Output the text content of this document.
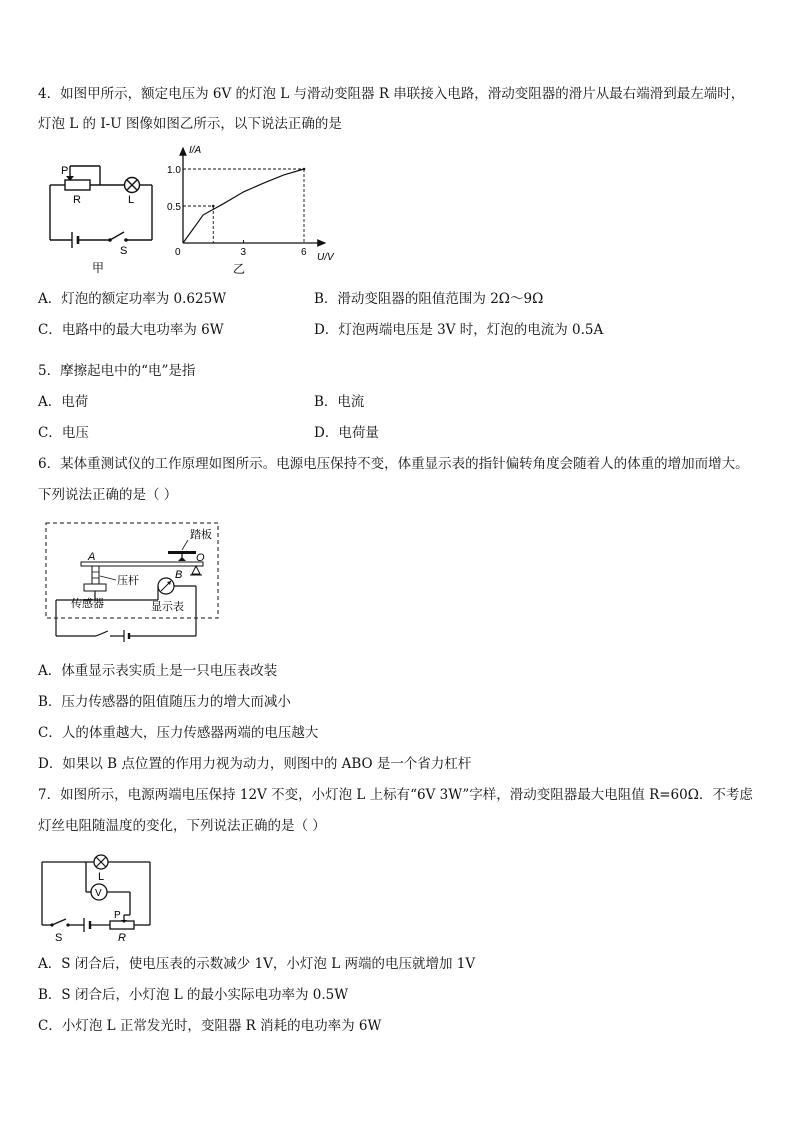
4．如图甲所示，额定电压为 6V 的灯泡 L 与滑动变阻器 R 串联接入电路，滑动变阻器的滑片从最右端滑到最左端时，
灯泡 L 的 I-U 图像如图乙所示，以下说法正确的是
P
R	L
S
甲
I/A
U/V
0
0.5
1.0
3	6
乙
A．灯泡的额定功率为 0.625W	B．滑动变阻器的阻值范围为 2Ω～9Ω
C．电路中的最大电功率为 6W	D．灯泡两端电压是 3V 时，灯泡的电流为 0.5A
5．摩擦起电中的“电”是指
A．电荷	B．电流
C．电压	D．电荷量
6．某体重测试仪的工作原理如图所示。电源电压保持不变，体重显示表的指针偏转角度会随着人的体重的增加而增大。
下列说法正确的是（ ）
踏板
A	O
B
压杆
传感器	显示表
A．体重显示表实质上是一只电压表改装
B．压力传感器的阻值随压力的增大而减小
C．人的体重越大，压力传感器两端的电压越大
D．如果以 B 点位置的作用力视为动力，则图中的 ABO 是一个省力杠杆
7．如图所示，电源两端电压保持 12V 不变，小灯泡 L 上标有“6V 3W”字样，滑动变阻器最大电阻值 R=60Ω．不考虑
灯丝电阻随温度的变化，下列说法正确的是（ ）
L
V
P
S	R
A．S 闭合后，使电压表的示数减少 1V，小灯泡 L 两端的电压就增加 1V
B．S 闭合后，小灯泡 L 的最小实际电功率为 0.5W
C．小灯泡 L 正常发光时，变阻器 R 消耗的电功率为 6W
